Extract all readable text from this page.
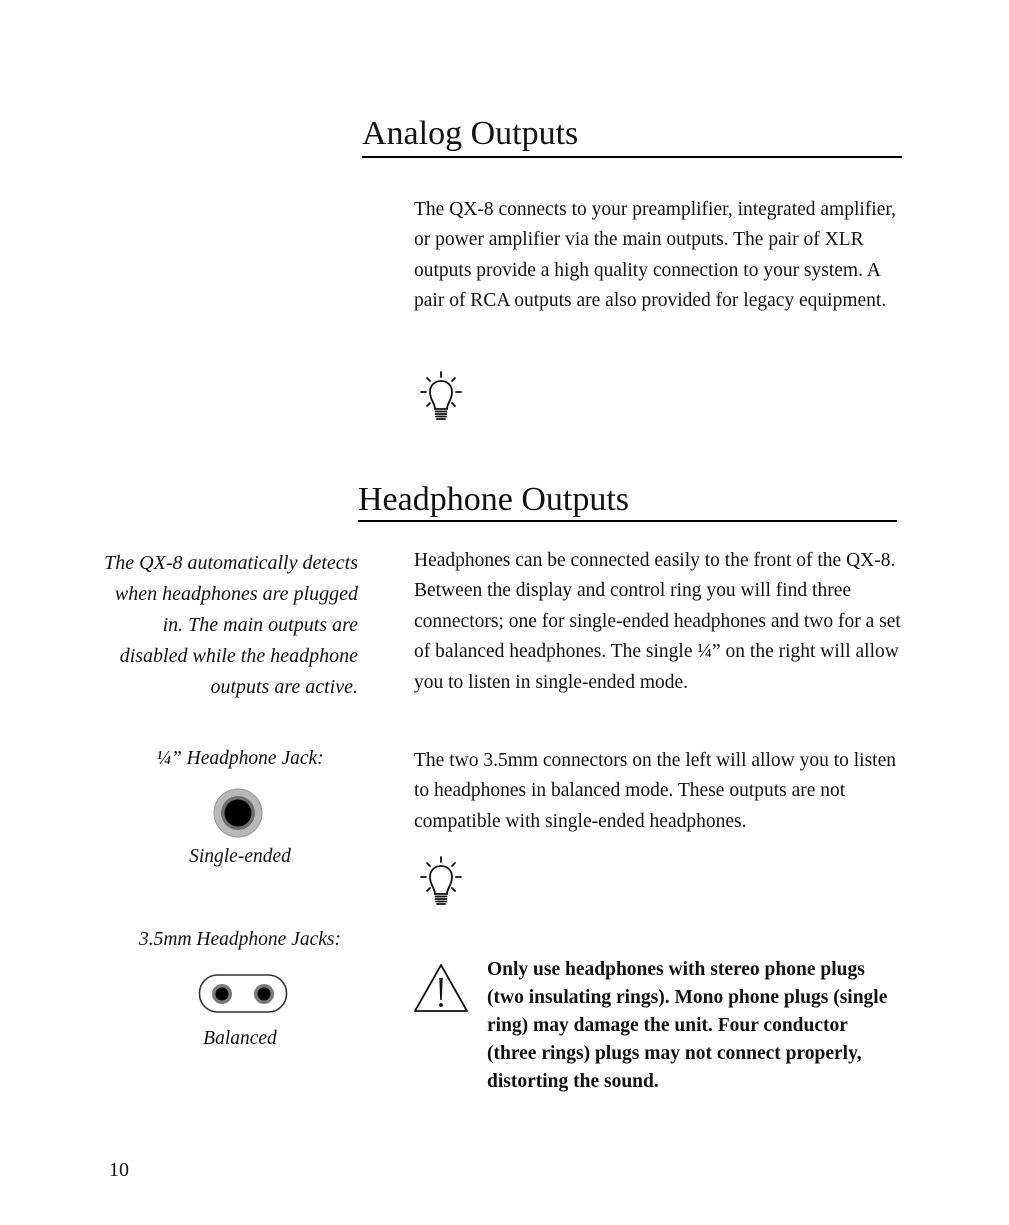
Analog Outputs

The QX-8 connects to your preamplifier, integrated amplifier, or power amplifier via the main outputs. The pair of XLR outputs provide a high quality connection to your system. A pair of RCA outputs are also provided for legacy equipment.

Headphone Outputs
The QX-8 automatically detects when headphones are plugged in. The main outputs are disabled while the headphone outputs are active.

Headphones can be connected easily to the front of the QX-8. Between the display and control ring you will find three connectors; one for single-ended headphones and two for a set of balanced headphones. The single ¼” on the right will allow you to listen in single-ended mode.

The two 3.5mm connectors on the left will allow you to listen to headphones in balanced mode. These outputs are not compatible with single-ended headphones.

¼” Headphone Jack:
Single-ended
3.5mm Headphone Jacks:
Balanced
Only use headphones with stereo phone plugs (two insulating rings). Mono phone plugs (single ring) may damage the unit. Four conductor (three rings) plugs may not connect properly, distorting the sound.
10
